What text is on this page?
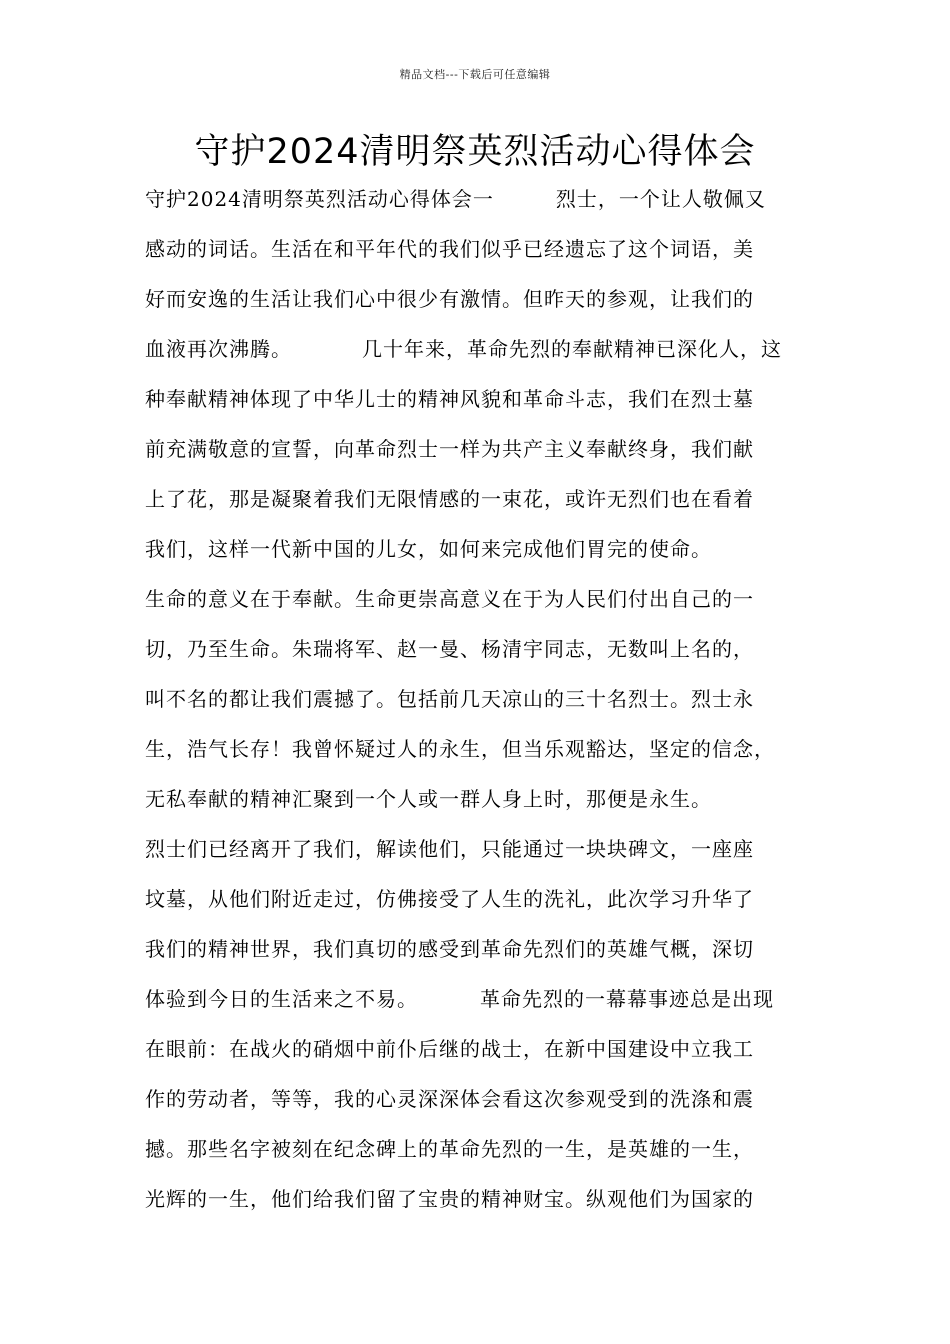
精品文档---下载后可任意编辑
守护2024清明祭英烈活动心得体会
守护2024清明祭英烈活动心得体会一	烈士，一个让人敬佩又
感动的词话。生活在和平年代的我们似乎已经遗忘了这个词语，美
好而安逸的生活让我们心中很少有激情。但昨天的参观，让我们的
血液再次沸腾。	几十年来，革命先烈的奉献精神已深化人，这
种奉献精神体现了中华儿士的精神风貌和革命斗志，我们在烈士墓
前充满敬意的宣誓，向革命烈士一样为共产主义奉献终身，我们献
上了花，那是凝聚着我们无限情感的一束花，或许无烈们也在看着
我们，这样一代新中国的儿女，如何来完成他们胃完的使命。
生命的意义在于奉献。生命更崇高意义在于为人民们付出自己的一
切，乃至生命。朱瑞将军、赵一曼、杨清宇同志，无数叫上名的，
叫不名的都让我们震撼了。包括前几天凉山的三十名烈士。烈士永
生，浩气长存！我曾怀疑过人的永生，但当乐观豁达，坚定的信念，
无私奉献的精神汇聚到一个人或一群人身上时，那便是永生。
烈士们已经离开了我们，解读他们，只能通过一块块碑文，一座座
坟墓，从他们附近走过，仿佛接受了人生的洗礼，此次学习升华了
我们的精神世界，我们真切的感受到革命先烈们的英雄气概，深切
体验到今日的生活来之不易。	革命先烈的一幕幕事迹总是出现
在眼前：在战火的硝烟中前仆后继的战士，在新中国建设中立我工
作的劳动者，等等，我的心灵深深体会看这次参观受到的洗涤和震
撼。那些名字被刻在纪念碑上的革命先烈的一生，是英雄的一生，
光辉的一生，他们给我们留了宝贵的精神财宝。纵观他们为国家的
